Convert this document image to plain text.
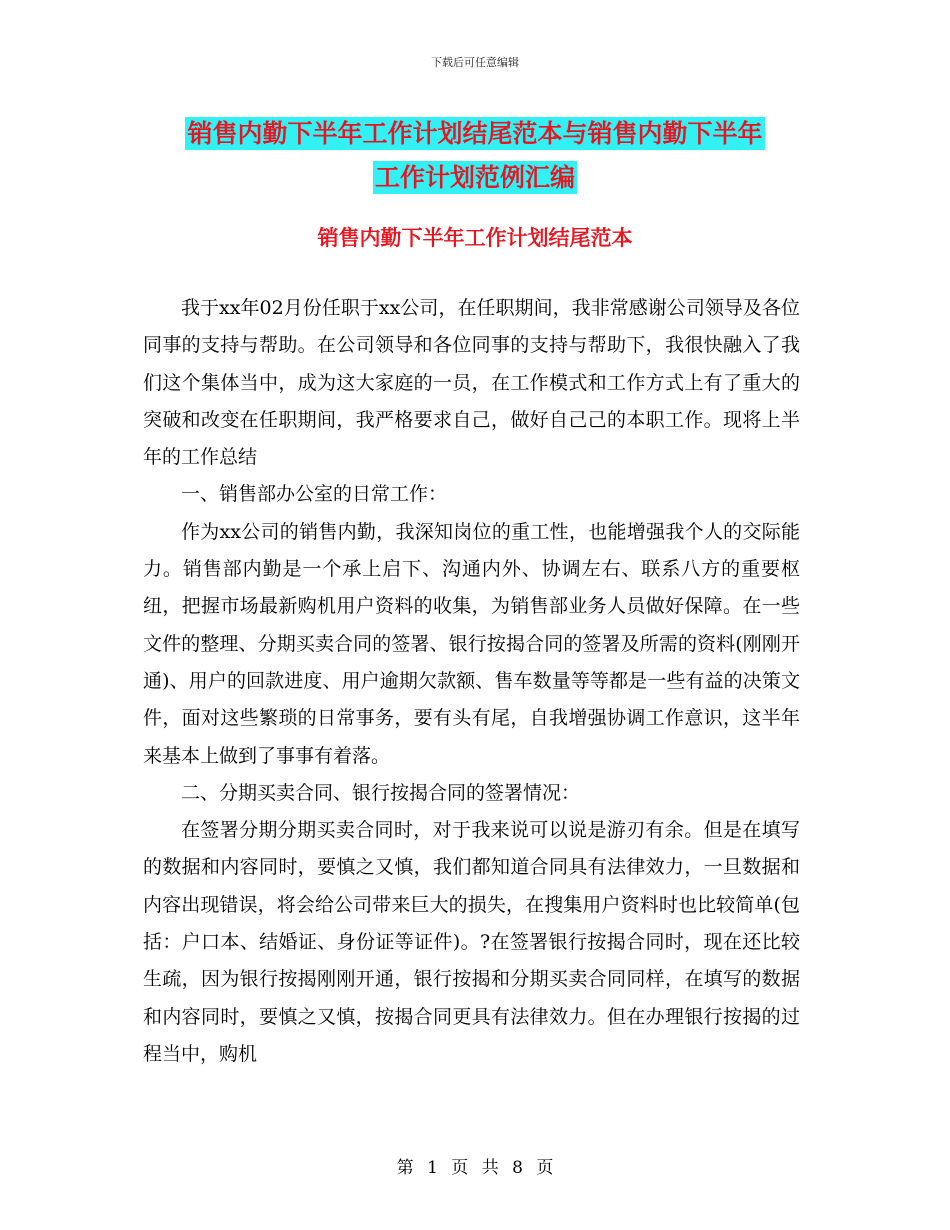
下载后可任意编辑
销售内勤下半年工作计划结尾范本与销售内勤下半年
工作计划范例汇编
销售内勤下半年工作计划结尾范本

我于xx年02月份任职于xx公司，在任职期间，我非常感谢公司领导及各位同事的支持与帮助。在公司领导和各位同事的支持与帮助下，我很快融入了我们这个集体当中，成为这大家庭的一员，在工作模式和工作方式上有了重大的突破和改变在任职期间，我严格要求自己，做好自己己的本职工作。现将上半年的工作总结

一、销售部办公室的日常工作：

作为xx公司的销售内勤，我深知岗位的重工性，也能增强我个人的交际能力。销售部内勤是一个承上启下、沟通内外、协调左右、联系八方的重要枢纽，把握市场最新购机用户资料的收集，为销售部业务人员做好保障。在一些文件的整理、分期买卖合同的签署、银行按揭合同的签署及所需的资料(刚刚开通)、用户的回款进度、用户逾期欠款额、售车数量等等都是一些有益的决策文件，面对这些繁琐的日常事务，要有头有尾，自我增强协调工作意识，这半年来基本上做到了事事有着落。

二、分期买卖合同、银行按揭合同的签署情况：

在签署分期分期买卖合同时，对于我来说可以说是游刃有余。但是在填写的数据和内容同时，要慎之又慎，我们都知道合同具有法律效力，一旦数据和内容出现错误，将会给公司带来巨大的损失，在搜集用户资料时也比较简单(包括：户口本、结婚证、身份证等证件)。?在签署银行按揭合同时，现在还比较生疏，因为银行按揭刚刚开通，银行按揭和分期买卖合同同样，在填写的数据和内容同时，要慎之又慎，按揭合同更具有法律效力。但在办理银行按揭的过程当中，购机

第 1 页 共 8 页
